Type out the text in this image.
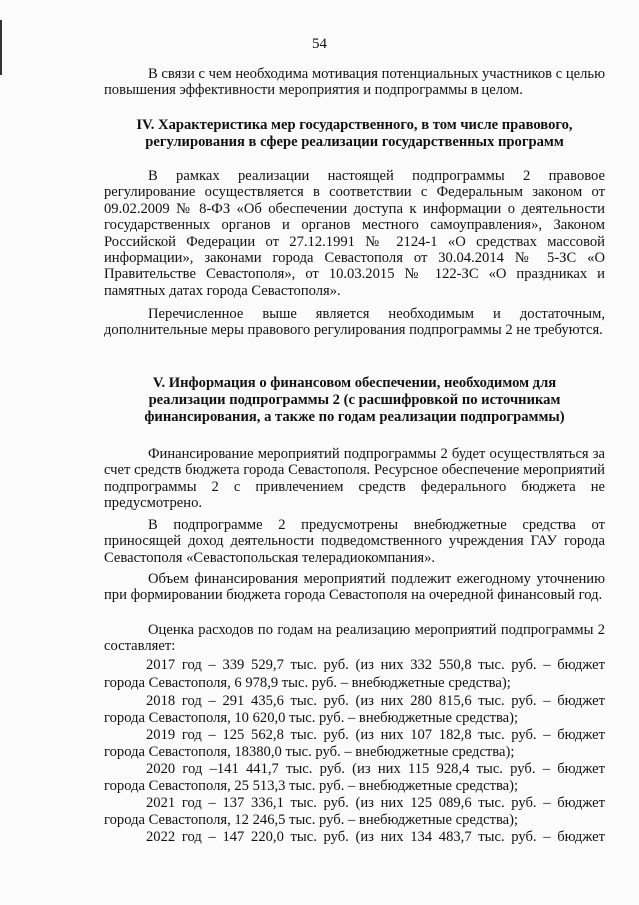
54

В связи с чем необходима мотивация потенциальных участников с целью повышения эффективности мероприятия и подпрограммы в целом.

IV. Характеристика мер государственного, в том числе правового,
регулирования в сфере реализации государственных программ

В рамках реализации настоящей подпрограммы 2 правовое регулирование осуществляется в соответствии с Федеральным законом от 09.02.2009 № 8-ФЗ «Об обеспечении доступа к информации о деятельности государственных органов и органов местного самоуправления», Законом Российской Федерации от 27.12.1991 № 2124-1 «О средствах массовой информации», законами города Севастополя от 30.04.2014 № 5-ЗС «О Правительстве Севастополя», от 10.03.2015 № 122-ЗС «О праздниках и памятных датах города Севастополя».

Перечисленное выше является необходимым и достаточным, дополнительные меры правового регулирования подпрограммы 2 не требуются.

V. Информация о финансовом обеспечении, необходимом для
реализации подпрограммы 2 (с расшифровкой по источникам
финансирования, а также по годам реализации подпрограммы)

Финансирование мероприятий подпрограммы 2 будет осуществляться за счет средств бюджета города Севастополя. Ресурсное обеспечение мероприятий подпрограммы 2 с привлечением средств федерального бюджета не предусмотрено.

В подпрограмме 2 предусмотрены внебюджетные средства от приносящей доход деятельности подведомственного учреждения ГАУ города Севастополя «Севастопольская телерадиокомпания».

Объем финансирования мероприятий подлежит ежегодному уточнению при формировании бюджета города Севастополя на очередной финансовый год.

Оценка расходов по годам на реализацию мероприятий подпрограммы 2 составляет:

2017 год – 339 529,7 тыс. руб. (из них 332 550,8 тыс. руб. – бюджет
города Севастополя, 6 978,9 тыс. руб. – внебюджетные средства);
2018 год – 291 435,6 тыс. руб. (из них 280 815,6 тыс. руб. – бюджет
города Севастополя, 10 620,0 тыс. руб. – внебюджетные средства);
2019 год – 125 562,8 тыс. руб. (из них 107 182,8 тыс. руб. – бюджет
города Севастополя, 18380,0 тыс. руб. – внебюджетные средства);
2020 год –141 441,7 тыс. руб. (из них 115 928,4 тыс. руб. – бюджет
города Севастополя, 25 513,3 тыс. руб. – внебюджетные средства);
2021 год – 137 336,1 тыс. руб. (из них 125 089,6 тыс. руб. – бюджет
города Севастополя, 12 246,5 тыс. руб. – внебюджетные средства);
2022 год – 147 220,0 тыс. руб. (из них 134 483,7 тыс. руб. – бюджет
